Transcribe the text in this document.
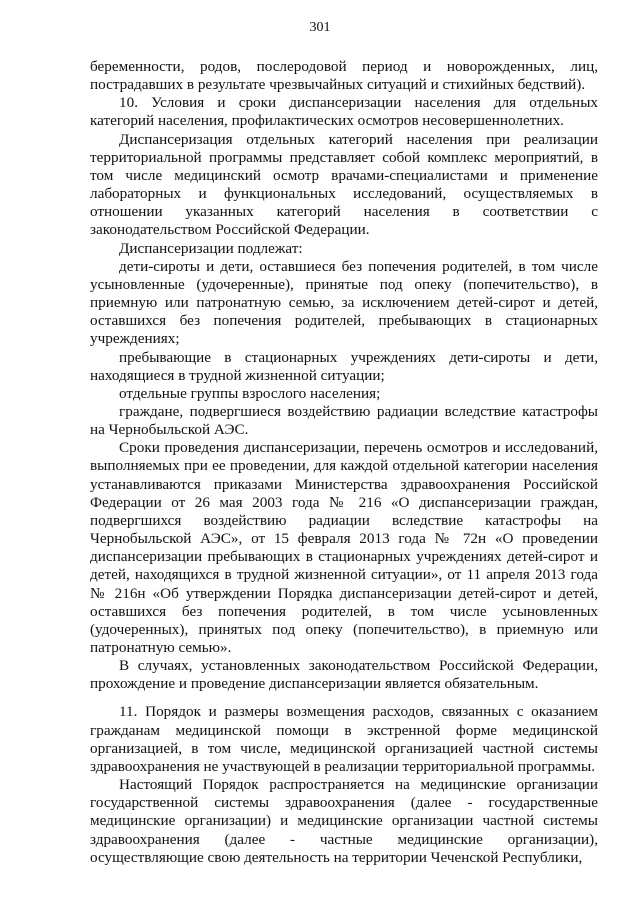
301

беременности, родов, послеродовой период и новорожденных, лиц, пострадавших в результате чрезвычайных ситуаций и стихийных бедствий).

10. Условия и сроки диспансеризации населения для отдельных категорий населения, профилактических осмотров несовершеннолетних.

Диспансеризация отдельных категорий населения при реализации территориальной программы представляет собой комплекс мероприятий, в том числе медицинский осмотр врачами-специалистами и применение лабораторных и функциональных исследований, осуществляемых в отношении указанных категорий населения в соответствии с законодательством Российской Федерации.

Диспансеризации подлежат:

дети-сироты и дети, оставшиеся без попечения родителей, в том числе усыновленные (удочеренные), принятые под опеку (попечительство), в приемную или патронатную семью, за исключением детей-сирот и детей, оставшихся без попечения родителей, пребывающих в стационарных учреждениях;

пребывающие в стационарных учреждениях дети-сироты и дети, находящиеся в трудной жизненной ситуации;

отдельные группы взрослого населения;

граждане, подвергшиеся воздействию радиации вследствие катастрофы на Чернобыльской АЭС.

Сроки проведения диспансеризации, перечень осмотров и исследований, выполняемых при ее проведении, для каждой отдельной категории населения устанавливаются приказами Министерства здравоохранения Российской Федерации от 26 мая 2003 года № 216 «О диспансеризации граждан, подвергшихся воздействию радиации вследствие катастрофы на Чернобыльской АЭС», от 15 февраля 2013 года № 72н «О проведении диспансеризации пребывающих в стационарных учреждениях детей-сирот и детей, находящихся в трудной жизненной ситуации», от 11 апреля 2013 года № 216н «Об утверждении Порядка диспансеризации детей-сирот и детей, оставшихся без попечения родителей, в том числе усыновленных (удочеренных), принятых под опеку (попечительство), в приемную или патронатную семью».

В случаях, установленных законодательством Российской Федерации, прохождение и проведение диспансеризации является обязательным.

11. Порядок и размеры возмещения расходов, связанных с оказанием гражданам медицинской помощи в экстренной форме медицинской организацией, в том числе, медицинской организацией частной системы здравоохранения не участвующей в реализации территориальной программы.

Настоящий Порядок распространяется на медицинские организации государственной системы здравоохранения (далее - государственные медицинские организации) и медицинские организации частной системы здравоохранения (далее - частные медицинские организации), осуществляющие свою деятельность на территории Чеченской Республики,
